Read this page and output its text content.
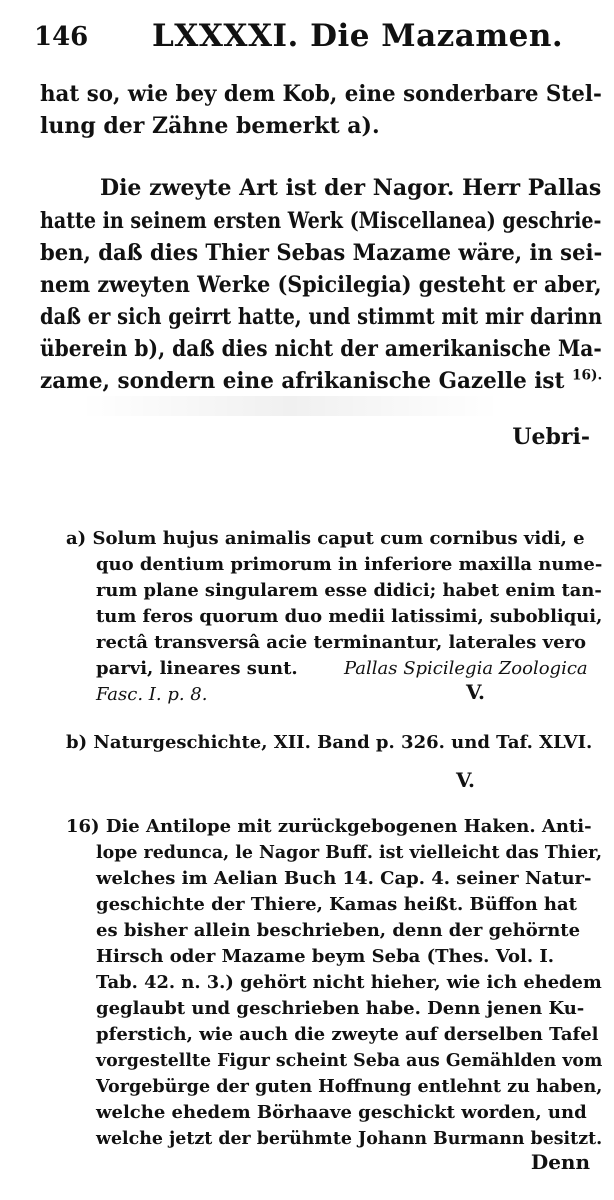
146 LXXXXI. Die Mazamen.
hat so, wie bey dem Kob, eine sonderbare Stel-
lung der Zähne bemerkt a).
Die zweyte Art ist der Nagor. Herr Pallas
hatte in seinem ersten Werk (Miscellanea) geschrie-
ben, daß dies Thier Sebas Mazame wäre, in sei-
nem zweyten Werke (Spicilegia) gesteht er aber,
daß er sich geirrt hatte, und stimmt mit mir darinn
überein b), daß dies nicht der amerikanische Ma-
zame, sondern eine afrikanische Gazelle ist $^{16).}$
Uebri-
a) Solum hujus animalis caput cum cornibus vidi, e
quo dentium primorum in inferiore maxilla nume-
rum plane singularem esse didici; habet enim tan-
tum feros quorum duo medii latissimi, subobliqui,
rectâ transversâ acie terminantur, laterales vero
parvi, lineares sunt.	Pallas Spicilegia Zoologica
Fasc. I. p. 8.	V.
b) Naturgeschichte, XII. Band p. 326. und Taf. XLVI.
V.
16) Die Antilope mit zurückgebogenen Haken. Anti-
lope redunca, le Nagor Buff. ist vielleicht das Thier,
welches im Aelian Buch 14. Cap. 4. seiner Natur-
geschichte der Thiere, Kamas heißt. Büffon hat
es bisher allein beschrieben, denn der gehörnte
Hirsch oder Mazame beym Seba (Thes. Vol. I.
Tab. 42. n. 3.) gehört nicht hieher, wie ich ehedem
geglaubt und geschrieben habe. Denn jenen Ku-
pferstich, wie auch die zweyte auf derselben Tafel
vorgestellte Figur scheint Seba aus Gemählden vom
Vorgebürge der guten Hoffnung entlehnt zu haben,
welche ehedem Börhaave geschickt worden, und
welche jetzt der berühmte Johann Burmann besitzt.
Denn
